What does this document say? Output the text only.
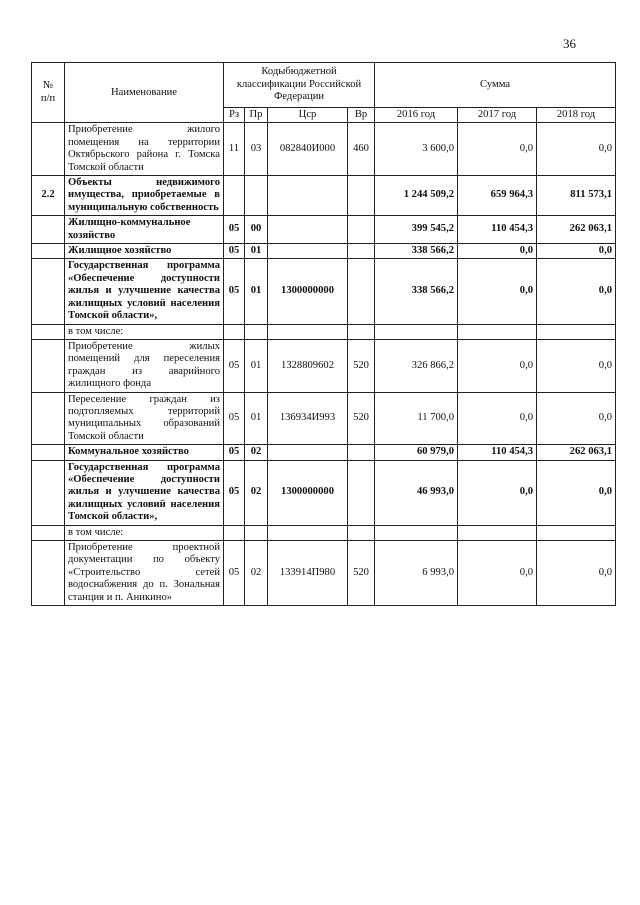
36
№
п/п	Наименование	Кодыбюджетной классификации Российской Федерации				Сумма		
		Рз	Пр	Цср	Вр	2016 год	2017 год	2018 год
	Приобретение жилого помещения на территории Октябрьского района г. Томска Томской области	11	03	082840И000	460	3 600,0	0,0	0,0
2.2	Объекты недвижимого имущества, приобретаемые в муниципальную собственность					1 244 509,2	659 964,3	811 573,1
	Жилищно-коммунальное хозяйство	05	00			399 545,2	110 454,3	262 063,1
	Жилищное хозяйство	05	01			338 566,2	0,0	0,0
	Государственная программа «Обеспечение доступности жилья и улучшение качества жилищных условий населения Томской области»,	05	01	1300000000		338 566,2	0,0	0,0
	в том числе:							
	Приобретение жилых помещений для переселения граждан из аварийного жилищного фонда	05	01	1328809602	520	326 866,2	0,0	0,0
	Переселение граждан из подтопляемых территорий муниципальных образований Томской области	05	01	136934И993	520	11 700,0	0,0	0,0
	Коммунальное хозяйство	05	02			60 979,0	110 454,3	262 063,1
	Государственная программа «Обеспечение доступности жилья и улучшение качества жилищных условий населения Томской области»,	05	02	1300000000		46 993,0	0,0	0,0
	в том числе:							
	Приобретение проектной документации по объекту «Строительство сетей водоснабжения до п. Зональная станция и п. Аникино»	05	02	133914П980	520	6 993,0	0,0	0,0
